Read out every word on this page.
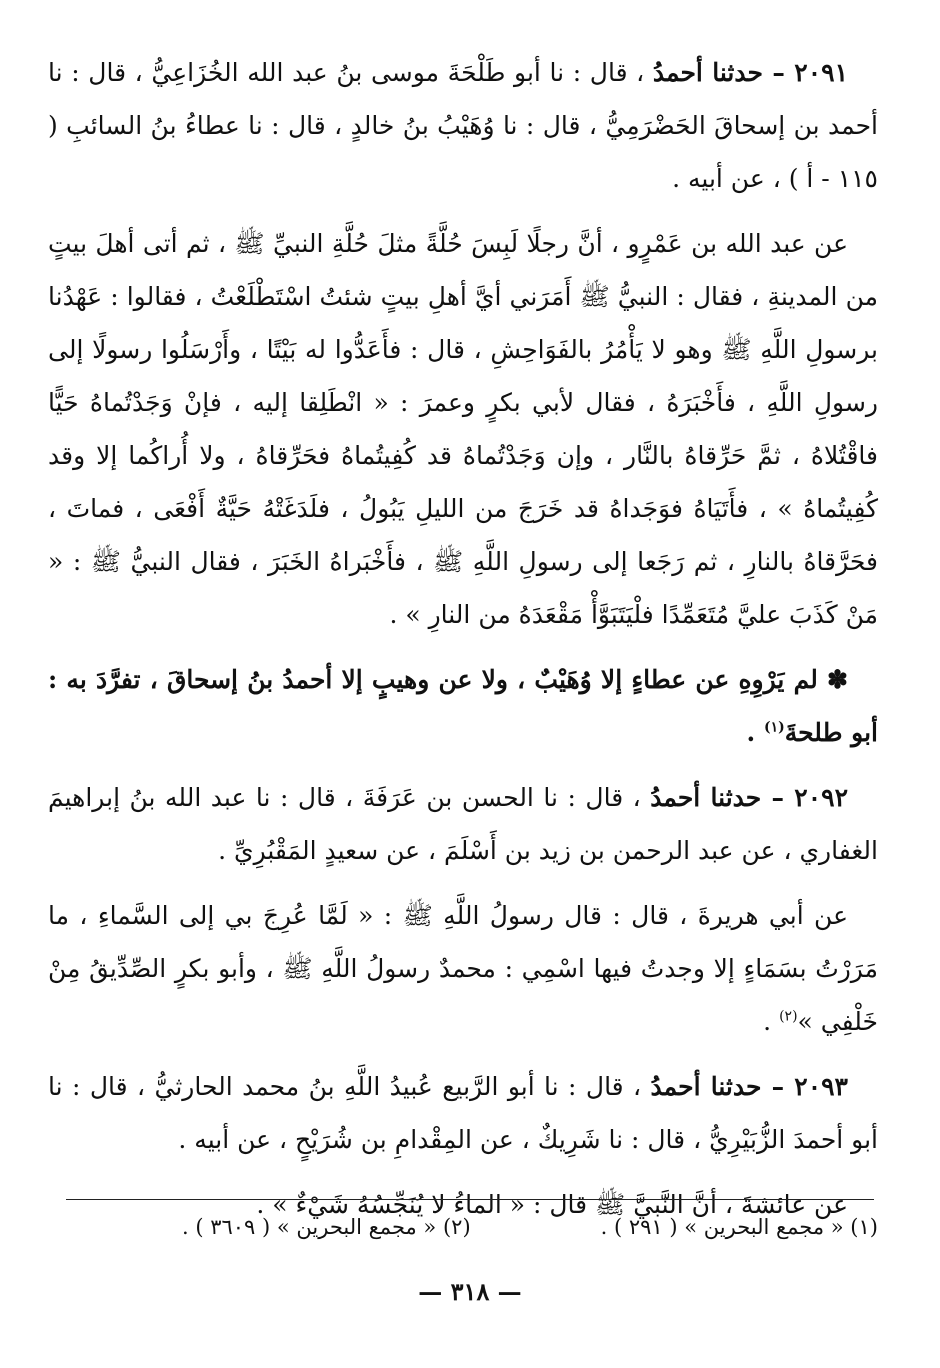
٢٠٩١ – حدثنا أحمدُ ، قال : نا أبو طَلْحَةَ موسى بنُ عبد الله الخُزَاعِيُّ ، قال : نا أحمد بن إسحاقَ الحَضْرَمِيُّ ، قال : نا وُهَيْبُ بنُ خالدٍ ، قال : نا عطاءُ بنُ السائبِ ( ١١٥ - أ ) ، عن أبيه .

عن عبد الله بن عَمْرٍو ، أنَّ رجلًا لَبِسَ حُلَّةً مثلَ حُلَّةِ النبيِّ ﷺ ، ثم أتى أهلَ بيتٍ من المدينةِ ، فقال : النبيُّ ﷺ أَمَرَني أيَّ أهلِ بيتٍ شئتُ اسْتَطْلَعْتُ ، فقالوا : عَهْدُنا برسولِ اللَّهِ ﷺ وهو لا يَأْمُرُ بالفَوَاحِشِ ، قال : فأَعَدُّوا له بَيْتًا ، وأَرْسَلُوا رسولًا إلى رسولِ اللَّهِ ، فأَخْبَرَهُ ، فقال لأبي بكرٍ وعمرَ : « انْطَلِقا إليه ، فإنْ وَجَدْتُماهُ حَيًّا فاقْتُلاهُ ، ثمَّ حَرِّقاهُ بالنَّار ، وإن وَجَدْتُماهُ قد كُفِيتُماهُ فحَرِّقاهُ ، ولا أُراكُما إلا وقد كُفِيتُماهُ » ، فأَتَيَاهُ فوَجَداهُ قد خَرَجَ من الليلِ يَبُولُ ، فلَدَغَتْهُ حَيَّةٌ أَفْعَى ، فماتَ ، فحَرَّقاهُ بالنارِ ، ثم رَجَعا إلى رسولِ اللَّهِ ﷺ ، فأَخْبَراهُ الخَبَرَ ، فقال النبيُّ ﷺ : « مَنْ كَذَبَ عليَّ مُتَعَمِّدًا فلْيَتَبَوَّأْ مَقْعَدَهُ من النارِ » .

✽ لم يَرْوِهِ عن عطاءٍ إلا وُهَيْبٌ ، ولا عن وهيبٍ إلا أحمدُ بنُ إسحاقَ ، تفرَّدَ به : أبو طلحةَ$^{(١)}$ .

٢٠٩٢ – حدثنا أحمدُ ، قال : نا الحسن بن عَرَفَةَ ، قال : نا عبد الله بنُ إبراهيمَ الغفاري ، عن عبد الرحمن بن زيد بن أَسْلَمَ ، عن سعيدٍ المَقْبُرِيِّ .

عن أبي هريرةَ ، قال : قال رسولُ اللَّهِ ﷺ : « لَمَّا عُرِجَ بي إلى السَّماءِ ، ما مَرَرْتُ بسَمَاءٍ إلا وجدتُ فيها اسْمِي : محمدٌ رسولُ اللَّهِ ﷺ ، وأبو بكرٍ الصِّدِّيقُ مِنْ خَلْفِي »$^{(٢)}$ .

٢٠٩٣ – حدثنا أحمدُ ، قال : نا أبو الرَّبيع عُبيدُ اللَّهِ بنُ محمد الحارثيُّ ، قال : نا أبو أحمدَ الزُّبَيْرِيُّ ، قال : نا شَرِيكٌ ، عن المِقْدامِ بن شُرَيْحٍ ، عن أبيه .

عن عائشةَ ، أنَّ النَّبيَّ ﷺ قال : « الماءُ لا يُنَجِّسُهُ شَيْءٌ » .

(١) « مجمع البحرين » ( ٢٩١ ) .
(٢) « مجمع البحرين » ( ٣٦٠٩ ) .
— ٣١٨ —
